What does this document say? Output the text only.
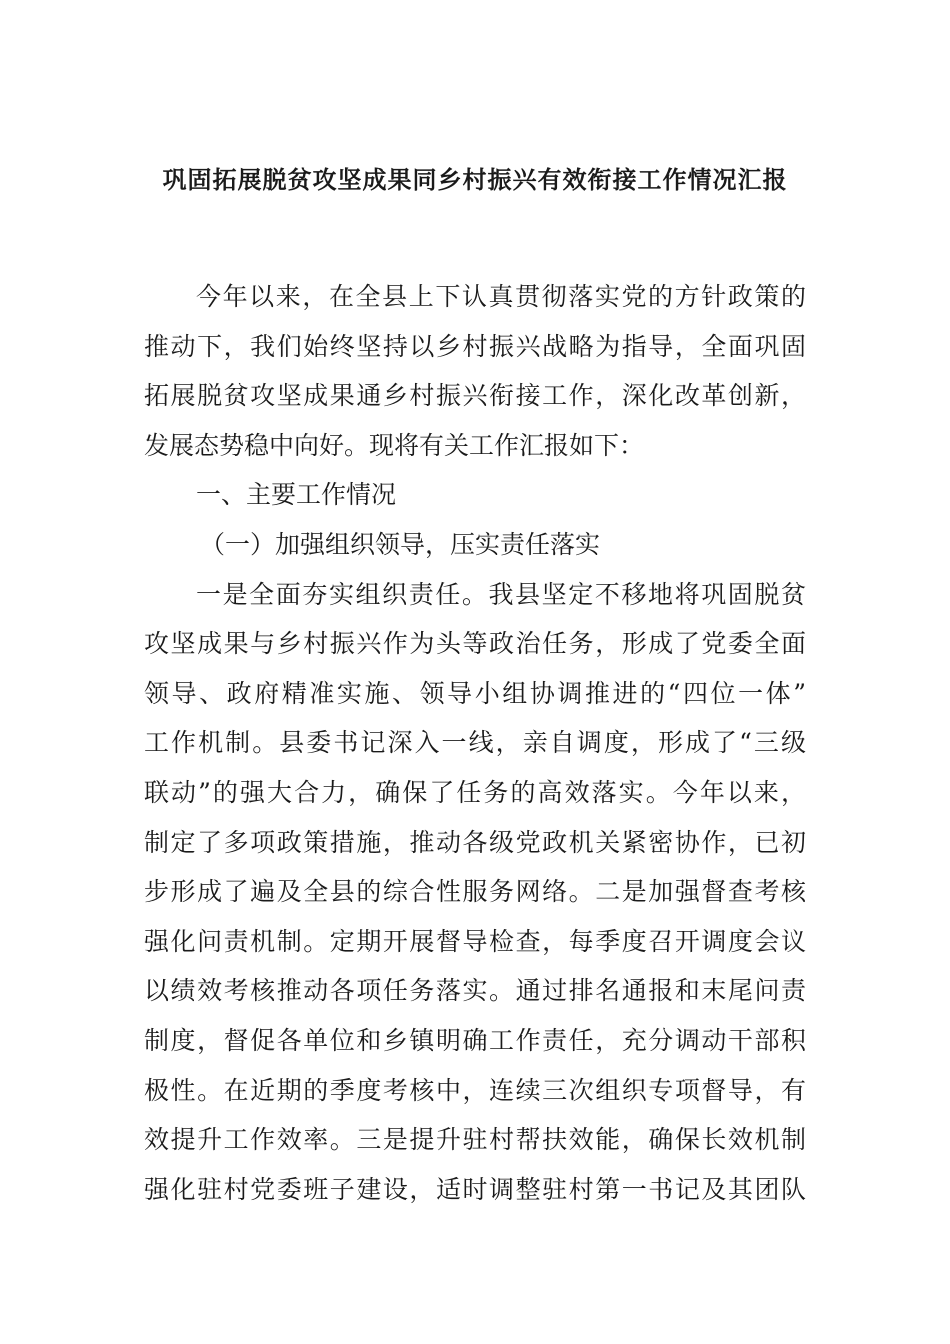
巩固拓展脱贫攻坚成果同乡村振兴有效衔接工作情况汇报
今年以来，在全县上下认真贯彻落实党的方针政策的
推动下，我们始终坚持以乡村振兴战略为指导，全面巩固
拓展脱贫攻坚成果通乡村振兴衔接工作，深化改革创新，
发展态势稳中向好。现将有关工作汇报如下：
一、主要工作情况
（一）加强组织领导，压实责任落实
一是全面夯实组织责任。我县坚定不移地将巩固脱贫
攻坚成果与乡村振兴作为头等政治任务，形成了党委全面
领导、政府精准实施、领导小组协调推进的“四位一体”
工作机制。县委书记深入一线，亲自调度，形成了“三级
联动”的强大合力，确保了任务的高效落实。今年以来，
制定了多项政策措施，推动各级党政机关紧密协作，已初
步形成了遍及全县的综合性服务网络。二是加强督查考核
强化问责机制。定期开展督导检查，每季度召开调度会议
以绩效考核推动各项任务落实。通过排名通报和末尾问责
制度，督促各单位和乡镇明确工作责任，充分调动干部积
极性。在近期的季度考核中，连续三次组织专项督导，有
效提升工作效率。三是提升驻村帮扶效能，确保长效机制
强化驻村党委班子建设，适时调整驻村第一书记及其团队
